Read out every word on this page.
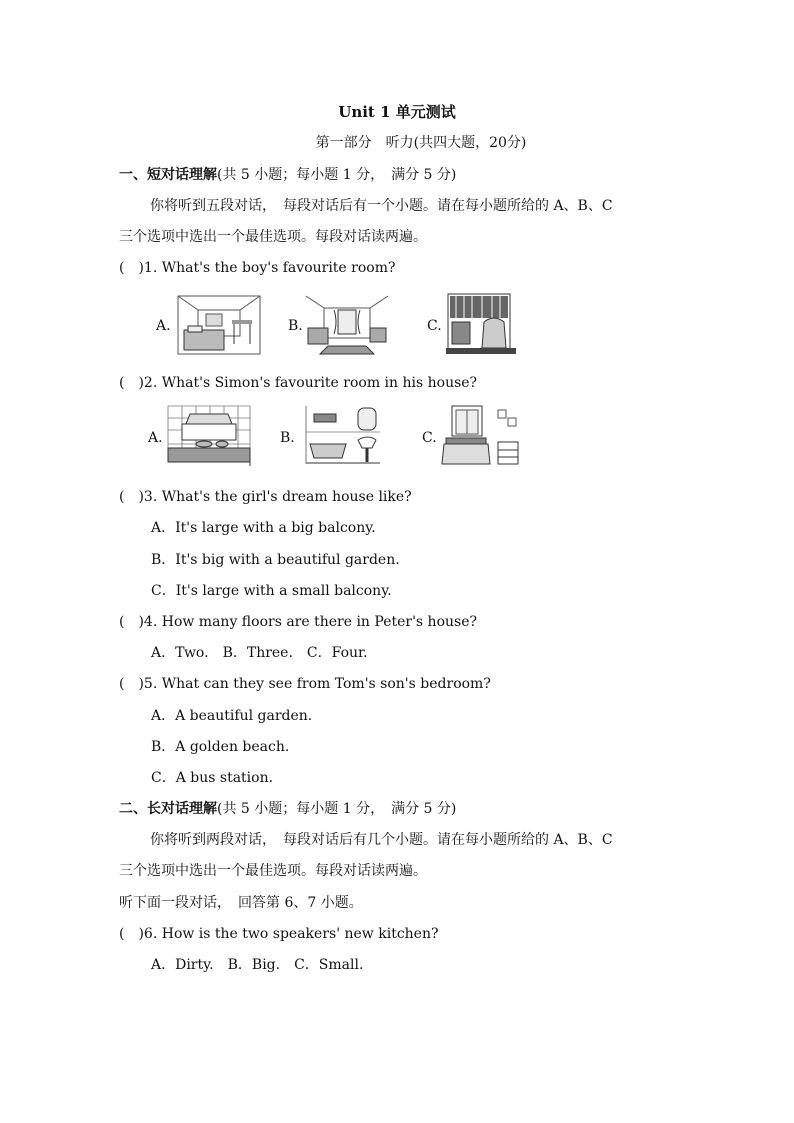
Unit 1 单元测试
第一部分　听力(共四大题，20分)
一、短对话理解(共 5 小题；每小题 1 分，　满分 5 分)
你将听到五段对话，　每段对话后有一个小题。请在每小题所给的 A、B、C
三个选项中选出一个最佳选项。每段对话读两遍。
(　)1. What's the boy's favourite room?
A.	B.	C.
(　)2. What's Simon's favourite room in his house?
A.	B.	C.
(　)3. What's the girl's dream house like?
A．It's large with a big balcony.
B．It's big with a beautiful garden.
C．It's large with a small balcony.
(　)4. How many floors are there in Peter's house?
A．Two.　B．Three.　C．Four.
(　)5. What can they see from Tom's son's bedroom?
A．A beautiful garden.
B．A golden beach.
C．A bus station.
二、长对话理解(共 5 小题；每小题 1 分，　满分 5 分)
你将听到两段对话，　每段对话后有几个小题。请在每小题所给的 A、B、C
三个选项中选出一个最佳选项。每段对话读两遍。
听下面一段对话，　回答第 6、7 小题。
(　)6. How is the two speakers' new kitchen?
A．Dirty.　B．Big.　C．Small.
